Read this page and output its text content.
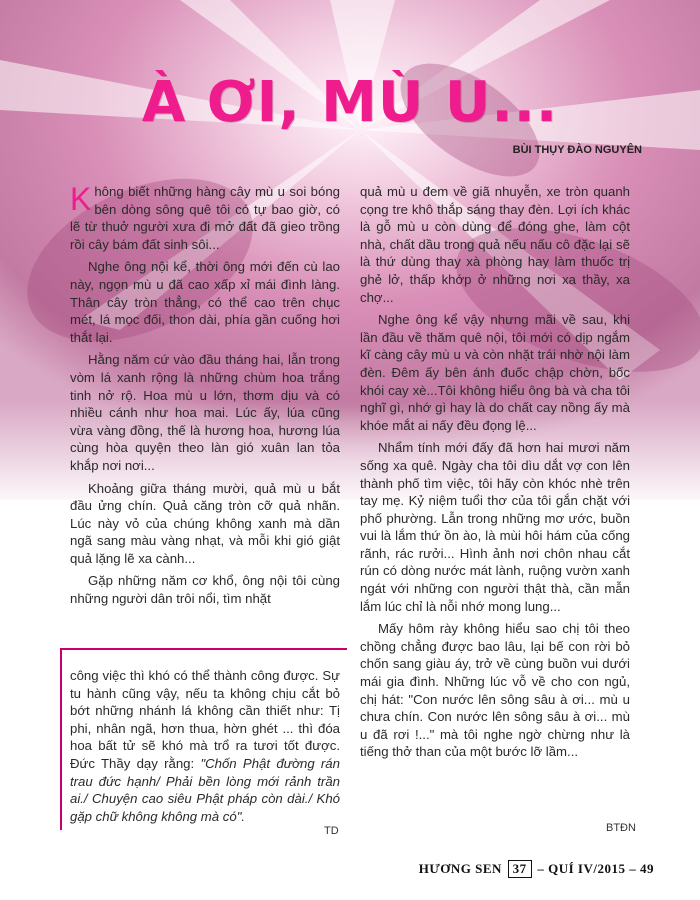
À ƠI, MÙ U...
BÙI THỤY ĐÀO NGUYÊN

Không biết những hàng cây mù u soi bóng bên dòng sông quê tôi có tự bao giờ, có lẽ từ thuở người xưa đi mở đất đã gieo trồng rồi cây bám đất sinh sôi...

Nghe ông nội kể, thời ông mới đến cù lao này, ngọn mù u đã cao xấp xỉ mái đình làng. Thân cây tròn thẳng, có thể cao trên chục mét, lá mọc đối, thon dài, phía gần cuống hơi thắt lại.

Hằng năm cứ vào đầu tháng hai, lẫn trong vòm lá xanh rộng là những chùm hoa trắng tinh nở rộ. Hoa mù u lớn, thơm dịu và có nhiều cánh như hoa mai. Lúc ấy, lúa cũng vừa vàng đồng, thế là hương hoa, hương lúa cùng hòa quyện theo làn gió xuân lan tỏa khắp nơi nơi...

Khoảng giữa tháng mười, quả mù u bắt đầu ửng chín. Quả căng tròn cỡ quả nhãn. Lúc này vỏ của chúng không xanh mà dần ngã sang màu vàng nhạt, và mỗi khi gió giật quả lặng lẽ xa cành...

Gặp những năm cơ khổ, ông nội tôi cùng những người dân trôi nổi, tìm nhặt

quả mù u đem về giã nhuyễn, xe tròn quanh cọng tre khô thắp sáng thay đèn. Lợi ích khác là gỗ mù u còn dùng để đóng ghe, làm cột nhà, chất dầu trong quả nếu nấu cô đặc lại sẽ là thứ dùng thay xà phòng hay làm thuốc trị ghẻ lở, thấp khớp ở những nơi xa thầy, xa chợ...

Nghe ông kể vậy nhưng mãi về sau, khi lần đầu về thăm quê nội, tôi mới có dịp ngắm kĩ càng cây mù u và còn nhặt trái nhờ nội làm đèn. Đêm ấy bên ánh đuốc chập chờn, bốc khói cay xè...Tôi không hiểu ông bà và cha tôi nghĩ gì, nhớ gì hay là do chất cay nồng ấy mà khóe mắt ai nấy đều đọng lệ...

Nhẩm tính mới đấy đã hơn hai mươi năm sống xa quê. Ngày cha tôi dìu dắt vợ con lên thành phố tìm việc, tôi hãy còn khóc nhè trên tay mẹ. Kỷ niệm tuổi thơ của tôi gắn chặt với phố phường. Lẫn trong những mơ ước, buồn vui là lắm thứ ồn ào, là mùi hôi hám của cống rãnh, rác rưởi... Hình ảnh nơi chôn nhau cắt rún có dòng nước mát lành, ruộng vườn xanh ngát với những con người thật thà, cần mẫn lắm lúc chỉ là nỗi nhớ mong lung...

Mấy hôm rày không hiểu sao chị tôi theo chồng chẳng được bao lâu, lại bế con rời bỏ chốn sang giàu áy, trở về cùng buồn vui dưới mái gia đình. Những lúc vỗ về cho con ngủ, chị hát: "Con nước lên sông sâu à ơi... mù u chưa chín. Con nước lên sông sâu à ơi... mù u đã rơi !..." mà tôi nghe ngờ chừng như là tiếng thở than của một bước lỡ lầm...

công việc thì khó có thể thành công được. Sự tu hành cũng vậy, nếu ta không chịu cắt bỏ bớt những nhánh lá không cần thiết như: Tị phi, nhân ngã, hơn thua, hờn ghét ... thì đóa hoa bất tử sẽ khó mà trổ ra tươi tốt được. Đức Thầy dạy rằng: "Chốn Phật đường rán trau đức hạnh/ Phải bền lòng mới rảnh trần ai./ Chuyện cao siêu Phật pháp còn dài./ Khó gặp chữ không không mà có".

TD	BTĐN
HƯƠNG SEN 37 – QUÍ IV/2015 – 49
